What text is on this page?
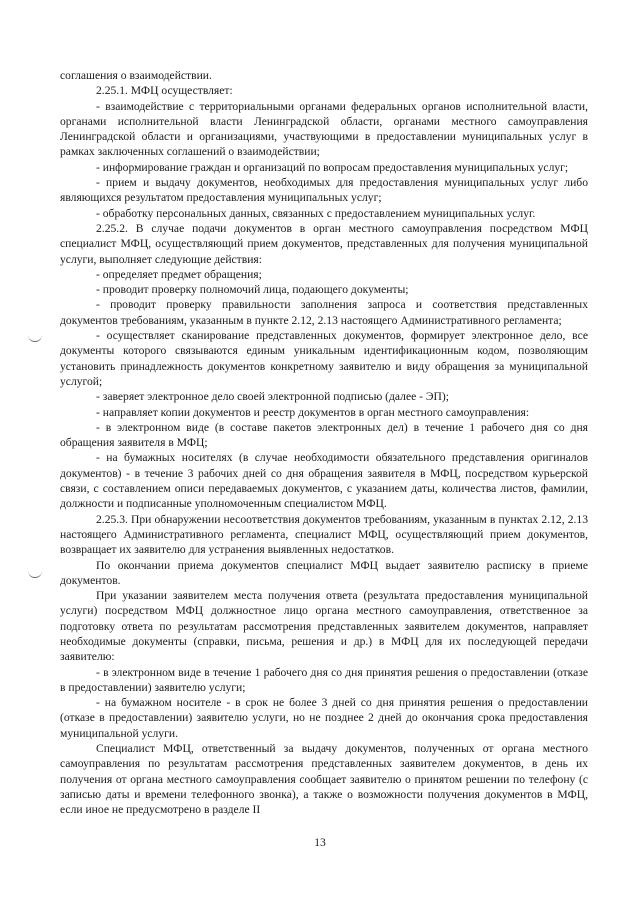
соглашения о взаимодействии.

2.25.1. МФЦ осуществляет:

- взаимодействие с территориальными органами федеральных органов исполнительной власти, органами исполнительной власти Ленинградской области, органами местного самоуправления Ленинградской области и организациями, участвующими в предоставлении муниципальных услуг в рамках заключенных соглашений о взаимодействии;

- информирование граждан и организаций по вопросам предоставления муниципальных услуг;

- прием и выдачу документов, необходимых для предоставления муниципальных услуг либо являющихся результатом предоставления муниципальных услуг;

- обработку персональных данных, связанных с предоставлением муниципальных услуг.

2.25.2. В случае подачи документов в орган местного самоуправления посредством МФЦ специалист МФЦ, осуществляющий прием документов, представленных для получения муниципальной услуги, выполняет следующие действия:

- определяет предмет обращения;

- проводит проверку полномочий лица, подающего документы;

- проводит проверку правильности заполнения запроса и соответствия представленных документов требованиям, указанным в пункте 2.12, 2.13 настоящего Административного регламента;

- осуществляет сканирование представленных документов, формирует электронное дело, все документы которого связываются единым уникальным идентификационным кодом, позволяющим установить принадлежность документов конкретному заявителю и виду обращения за муниципальной услугой;

- заверяет электронное дело своей электронной подписью (далее - ЭП);

- направляет копии документов и реестр документов в орган местного самоуправления:

- в электронном виде (в составе пакетов электронных дел) в течение 1 рабочего дня со дня обращения заявителя в МФЦ;

- на бумажных носителях (в случае необходимости обязательного представления оригиналов документов) - в течение 3 рабочих дней со дня обращения заявителя в МФЦ, посредством курьерской связи, с составлением описи передаваемых документов, с указанием даты, количества листов, фамилии, должности и подписанные уполномоченным специалистом МФЦ.

2.25.3. При обнаружении несоответствия документов требованиям, указанным в пунктах 2.12, 2.13 настоящего Административного регламента, специалист МФЦ, осуществляющий прием документов, возвращает их заявителю для устранения выявленных недостатков.

По окончании приема документов специалист МФЦ выдает заявителю расписку в приеме документов.

При указании заявителем места получения ответа (результата предоставления муниципальной услуги) посредством МФЦ должностное лицо органа местного самоуправления, ответственное за подготовку ответа по результатам рассмотрения представленных заявителем документов, направляет необходимые документы (справки, письма, решения и др.) в МФЦ для их последующей передачи заявителю:

- в электронном виде в течение 1 рабочего дня со дня принятия решения о предоставлении (отказе в предоставлении) заявителю услуги;

- на бумажном носителе - в срок не более 3 дней со дня принятия решения о предоставлении (отказе в предоставлении) заявителю услуги, но не позднее 2 дней до окончания срока предоставления муниципальной услуги.

Специалист МФЦ, ответственный за выдачу документов, полученных от органа местного самоуправления по результатам рассмотрения представленных заявителем документов, в день их получения от органа местного самоуправления сообщает заявителю о принятом решении по телефону (с записью даты и времени телефонного звонка), а также о возможности получения документов в МФЦ, если иное не предусмотрено в разделе II

13
